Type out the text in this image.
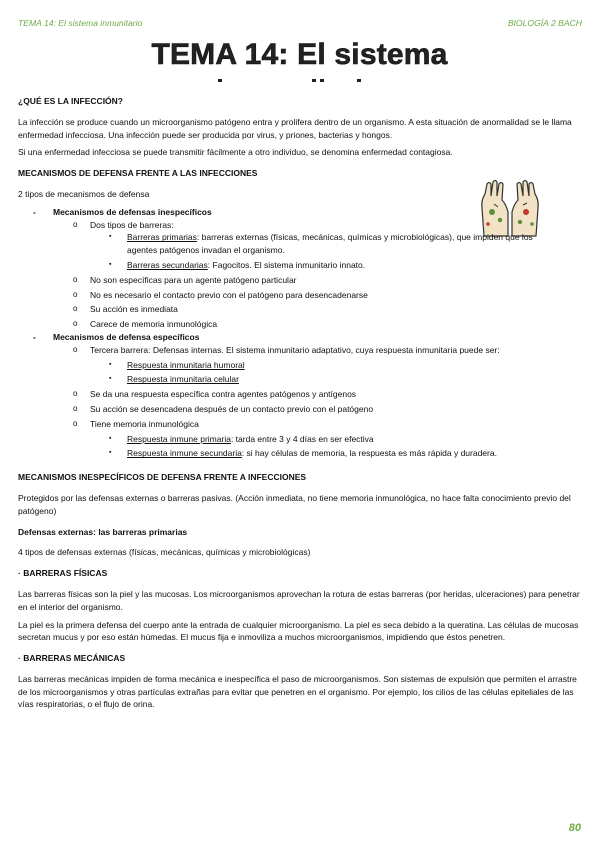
TEMA 14: El sistema inmunitario	BIOLOGÍA 2 BACH
TEMA 14: El sistema

¿QUÉ ES LA INFECCIÓN?

La infección se produce cuando un microorganismo patógeno entra y prolifera dentro de un organismo. A esta situación de anormalidad se le llama enfermedad infecciosa. Una infección puede ser producida por virus, y priones, bacterias y hongos.

Si una enfermedad infecciosa se puede transmitir fácilmente a otro individuo, se denomina enfermedad contagiosa.

MECANISMOS DE DEFENSA FRENTE A LAS INFECCIONES

2 tipos de mecanismos de defensa

- Mecanismos de defensas inespecíficos
o Dos tipos de barreras:
▪ Barreras primarias: barreras externas (físicas, mecánicas, químicas y microbiológicas), que impiden que los agentes patógenos invadan el organismo.
▪ Barreras secundarias: Fagocitos. El sistema inmunitario innato.
o No son específicas para un agente patógeno particular
o No es necesario el contacto previo con el patógeno para desencadenarse
o Su acción es inmediata
o Carece de memoria inmunológica
- Mecanismos de defensa específicos
o Tercera barrera: Defensas internas. El sistema inmunitario adaptativo, cuya respuesta inmunitaria puede ser:
▪ Respuesta inmunitaria humoral
▪ Respuesta inmunitaria celular
o Se da una respuesta específica contra agentes patógenos y antígenos
o Su acción se desencadena después de un contacto previo con el patógeno
o Tiene memoria inmunológica
▪ Respuesta inmune primaria: tarda entre 3 y 4 días en ser efectiva
▪ Respuesta inmune secundaria: si hay células de memoria, la respuesta es más rápida y duradera.

MECANISMOS INESPECÍFICOS DE DEFENSA FRENTE A INFECCIONES

Protegidos por las defensas externas o barreras pasivas. (Acción inmediata, no tiene memoria inmunológica, no hace falta conocimiento previo del patógeno)

Defensas externas: las barreras primarias

4 tipos de defensas externas (físicas, mecánicas, químicas y microbiológicas)

· BARRERAS FÍSICAS

Las barreras físicas son la piel y las mucosas. Los microorganismos aprovechan la rotura de estas barreras (por heridas, ulceraciones) para penetrar en el interior del organismo.

La piel es la primera defensa del cuerpo ante la entrada de cualquier microorganismo. La piel es seca debido a la queratina. Las células de mucosas secretan mucus y por eso están húmedas. El mucus fija e inmoviliza a muchos microorganismos, impidiendo que éstos penetren.

· BARRERAS MECÁNICAS

Las barreras mecánicas impiden de forma mecánica e inespecífica el paso de microorganismos. Son sistemas de expulsión que permiten el arrastre de los microorganismos y otras partículas extrañas para evitar que penetren en el organismo. Por ejemplo, los cilios de las células epiteliales de las vías respiratorias, o el flujo de orina.

80
